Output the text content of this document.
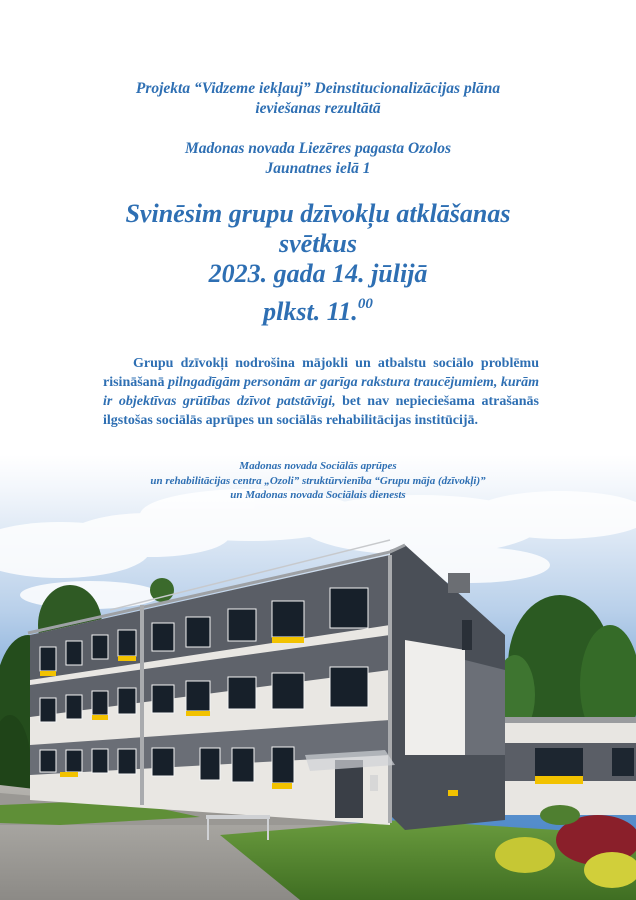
Projekta “Vidzeme iekļauj” Deinstitucionalizācijas plāna
ieviešanas rezultātā
Madonas novada Liezēres pagasta Ozolos
Jaunatnes ielā 1
Svinēsim grupu dzīvokļu atklāšanas
svētkus
2023. gada 14. jūlijā
plkst. 11.00

Grupu dzīvokļi nodrošina mājokli un atbalstu sociālo problēmu risināšanā pilngadīgām personām ar garīga rakstura traucējumiem, kurām ir objektīvas grūtības dzīvot patstāvīgi, bet nav nepieciešama atrašanās ilgstošas sociālās aprūpes un sociālās rehabilitācijas institūcijā.

Madonas novada Sociālās aprūpes
un rehabilitācijas centra „Ozoli” struktūrvienība “Grupu māja (dzīvokļi)”
un Madonas novada Sociālais dienests
